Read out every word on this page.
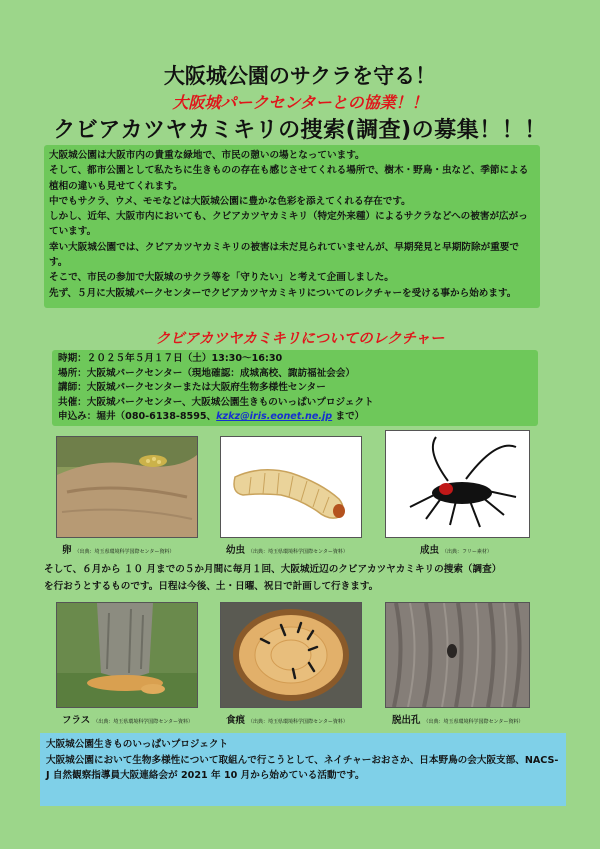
大阪城公園のサクラを守る！
大阪城パークセンターとの協業！！
クビアカツヤカミキリの捜索(調査)の募集！！！

大阪城公園は大阪市内の貴重な緑地で、市民の憩いの場となっています。

そして、都市公園として私たちに生きものの存在も感じさせてくれる場所で、樹木・野鳥・虫など、季節による植相の違いも見せてくれます。

中でもサクラ、ウメ、モモなどは大阪城公園に豊かな色彩を添えてくれる存在です。

しかし、近年、大阪市内においても、クビアカツヤカミキリ（特定外来種）によるサクラなどへの被害が広がっています。

幸い大阪城公園では、クビアカツヤカミキリの被害は未だ見られていませんが、早期発見と早期防除が重要です。

そこで、市民の参加で大阪城のサクラ等を「守りたい」と考えて企画しました。

先ず、５月に大阪城パークセンターでクビアカツヤカミキリについてのレクチャーを受ける事から始めます。

クビアカツヤカミキリについてのレクチャー
時期：２０２５年５月１７日（土）13:30～16:30
場所：大阪城パークセンター（現地確認：成城高校、諏訪福祉会会）
講師：大阪城パークセンターまたは大阪府生物多様性センター
共催：大阪城パークセンター、大阪城公園生きものいっぱいプロジェクト
申込み：堀井（080-6138-8595、kzkz@iris.eonet.ne.jp まで）
卵 （出典：埼玉県環境科学国際センター資料）	幼虫 （出典：埼玉県環境科学国際センター資料）	成虫 （出典：フリー素材）

そして、６月から １０ 月までの５か月間に毎月１回、大阪城近辺のクビアカツヤカミキリの捜索（調査）

を行おうとするものです。日程は今後、土・日曜、祝日で計画して行きます。

フラス （出典：埼玉県環境科学国際センター資料）	食痕 （出典：埼玉県環境科学国際センター資料）	脱出孔 （出典：埼玉県環境科学国際センター資料）

大阪城公園生きものいっぱいプロジェクト

大阪城公園において生物多様性について取組んで行こうとして、ネイチャーおおさか、日本野鳥の会大阪支部、NACS-J 自然観察指導員大阪連絡会が 2021 年 10 月から始めている活動です。
